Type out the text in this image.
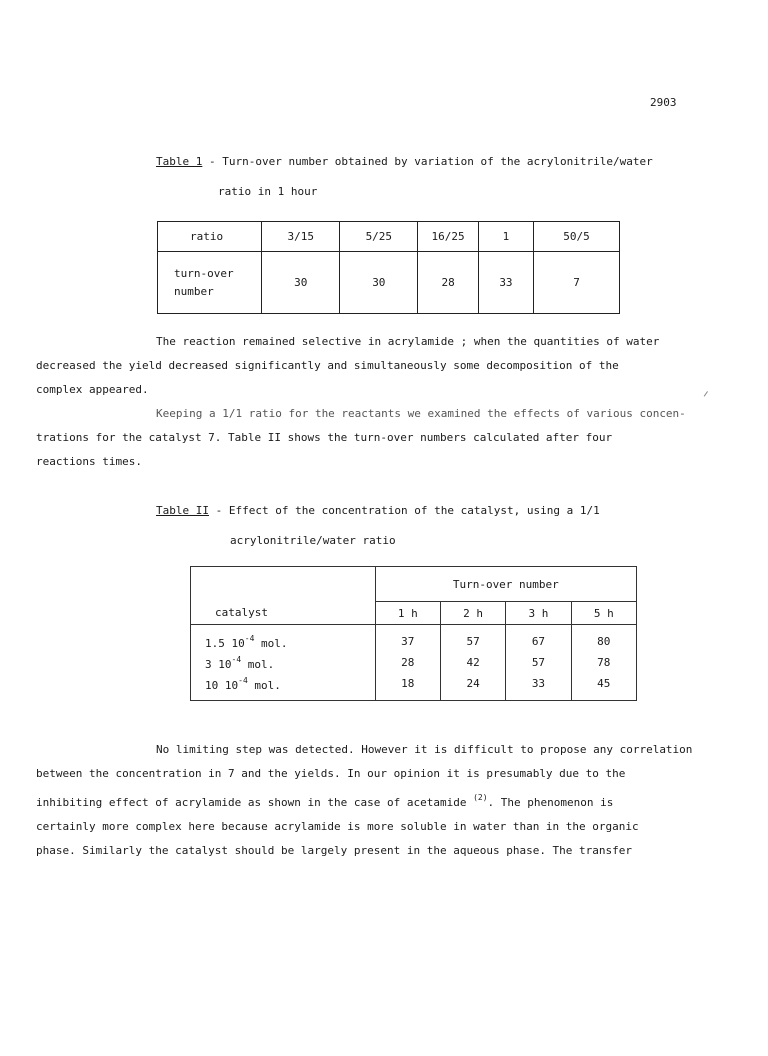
2903
Table 1 - Turn-over number obtained by variation of the acrylonitrile/water
ratio in 1 hour
ratio	3/15	5/25	16/25	1	50/5

turn-over
number	30	30	28	33	7
The reaction remained selective in acrylamide ; when the quantities of water
decreased the yield decreased significantly and simultaneously some decomposition of the
complex appeared.
Keeping a 1/1 ratio for the reactants we examined the effects of various concen-
trations for the catalyst 7. Table II shows the turn-over numbers calculated after four
reactions times.
Table II - Effect of the concentration of the catalyst, using a 1/1
acrylonitrile/water ratio
	Turn-over number			
catalyst	1 h	2 h	3 h	5 h
1.5 $10^{-4}$ mol.	37	57	67	80
3 $10^{-4}$ mol.	28	42	57	78
10 $10^{-4}$ mol.	18	24	33	45
No limiting step was detected. However it is difficult to propose any correlation
between the concentration in 7 and the yields. In our opinion it is presumably due to the
inhibiting effect of acrylamide as shown in the case of acetamide $^{(2)}$. The phenomenon is
certainly more complex here because acrylamide is more soluble in water than in the organic
phase. Similarly the catalyst should be largely present in the aqueous phase. The transfer
